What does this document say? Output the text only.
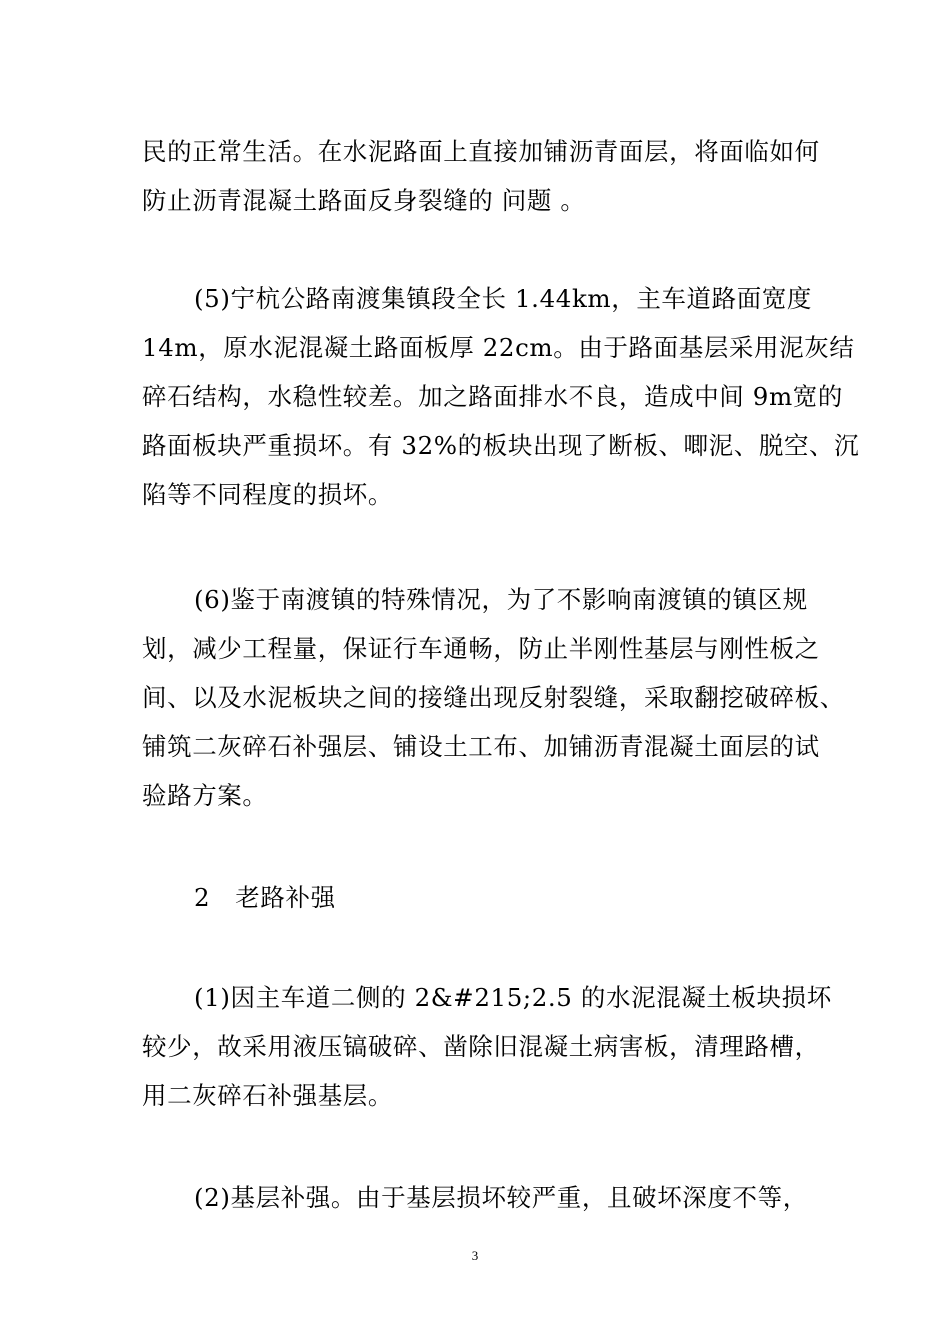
民的正常生活。在水泥路面上直接加铺沥青面层，将面临如何
防止沥青混凝土路面反身裂缝的 问题 。
(5)宁杭公路南渡集镇段全长 1.44km，主车道路面宽度
14m，原水泥混凝土路面板厚 22cm。由于路面基层采用泥灰结
碎石结构，水稳性较差。加之路面排水不良，造成中间 9m宽的
路面板块严重损坏。有 32%的板块出现了断板、唧泥、脱空、沉
陷等不同程度的损坏。
(6)鉴于南渡镇的特殊情况，为了不影响南渡镇的镇区规
划，减少工程量，保证行车通畅，防止半刚性基层与刚性板之
间、以及水泥板块之间的接缝出现反射裂缝，采取翻挖破碎板、
铺筑二灰碎石补强层、铺设土工布、加铺沥青混凝土面层的试
验路方案。
2　老路补强
(1)因主车道二侧的 2&#215;2.5 的水泥混凝土板块损坏
较少，故采用液压镐破碎、凿除旧混凝土病害板，清理路槽，
用二灰碎石补强基层。
(2)基层补强。由于基层损坏较严重，且破坏深度不等，
3
